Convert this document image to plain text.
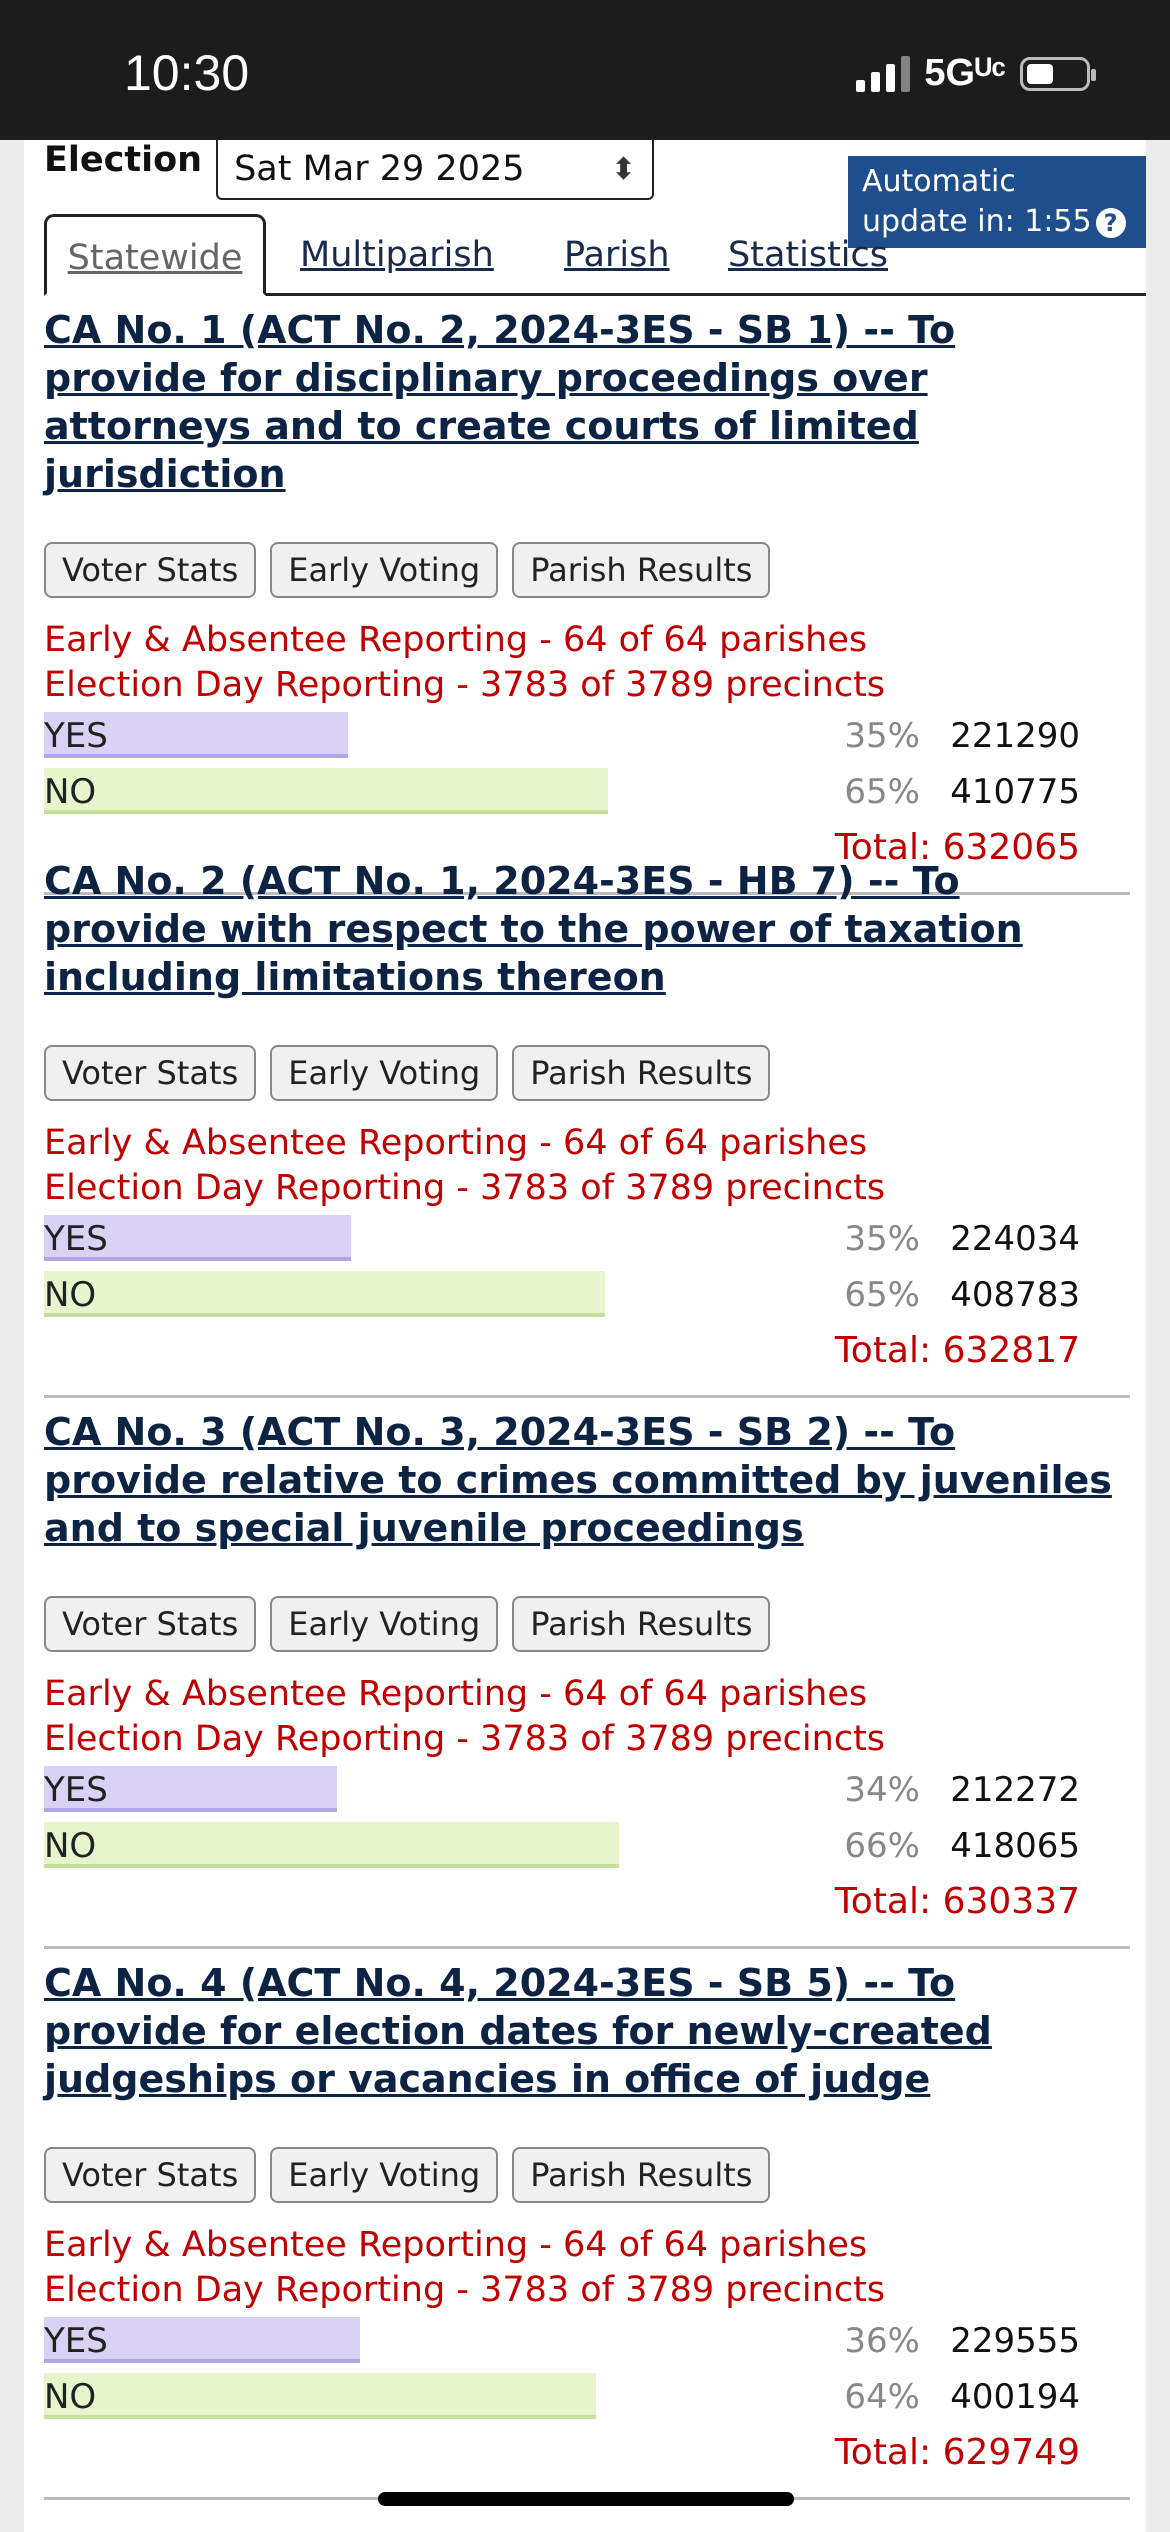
10:30	5Gᵁᶜ
Election Sat Mar 29 2025	⬍	Automatic
update in: 1:55 ?
Statewide	Multiparish Parish Statistics

CA No. 1 (ACT No. 2, 2024-3ES - SB 1) -- To provide for disciplinary proceedings over attorneys and to create courts of limited jurisdiction

Voter Stats	Early Voting	Parish Results
Early & Absentee Reporting - 64 of 64 parishes
Election Day Reporting - 3783 of 3789 precincts
YES	35% 221290
NO	65% 410775
Total: 632065

CA No. 2 (ACT No. 1, 2024-3ES - HB 7) -- To provide with respect to the power of taxation including limitations thereon

Voter Stats	Early Voting	Parish Results
Early & Absentee Reporting - 64 of 64 parishes
Election Day Reporting - 3783 of 3789 precincts
YES	35% 224034
NO	65% 408783
Total: 632817

CA No. 3 (ACT No. 3, 2024-3ES - SB 2) -- To provide relative to crimes committed by juveniles and to special juvenile proceedings

Voter Stats	Early Voting	Parish Results
Early & Absentee Reporting - 64 of 64 parishes
Election Day Reporting - 3783 of 3789 precincts
YES	34% 212272
NO	66% 418065
Total: 630337

CA No. 4 (ACT No. 4, 2024-3ES - SB 5) -- To provide for election dates for newly-created judgeships or vacancies in office of judge

Voter Stats	Early Voting	Parish Results
Early & Absentee Reporting - 64 of 64 parishes
Election Day Reporting - 3783 of 3789 precincts
YES	36% 229555
NO	64% 400194
Total: 629749
